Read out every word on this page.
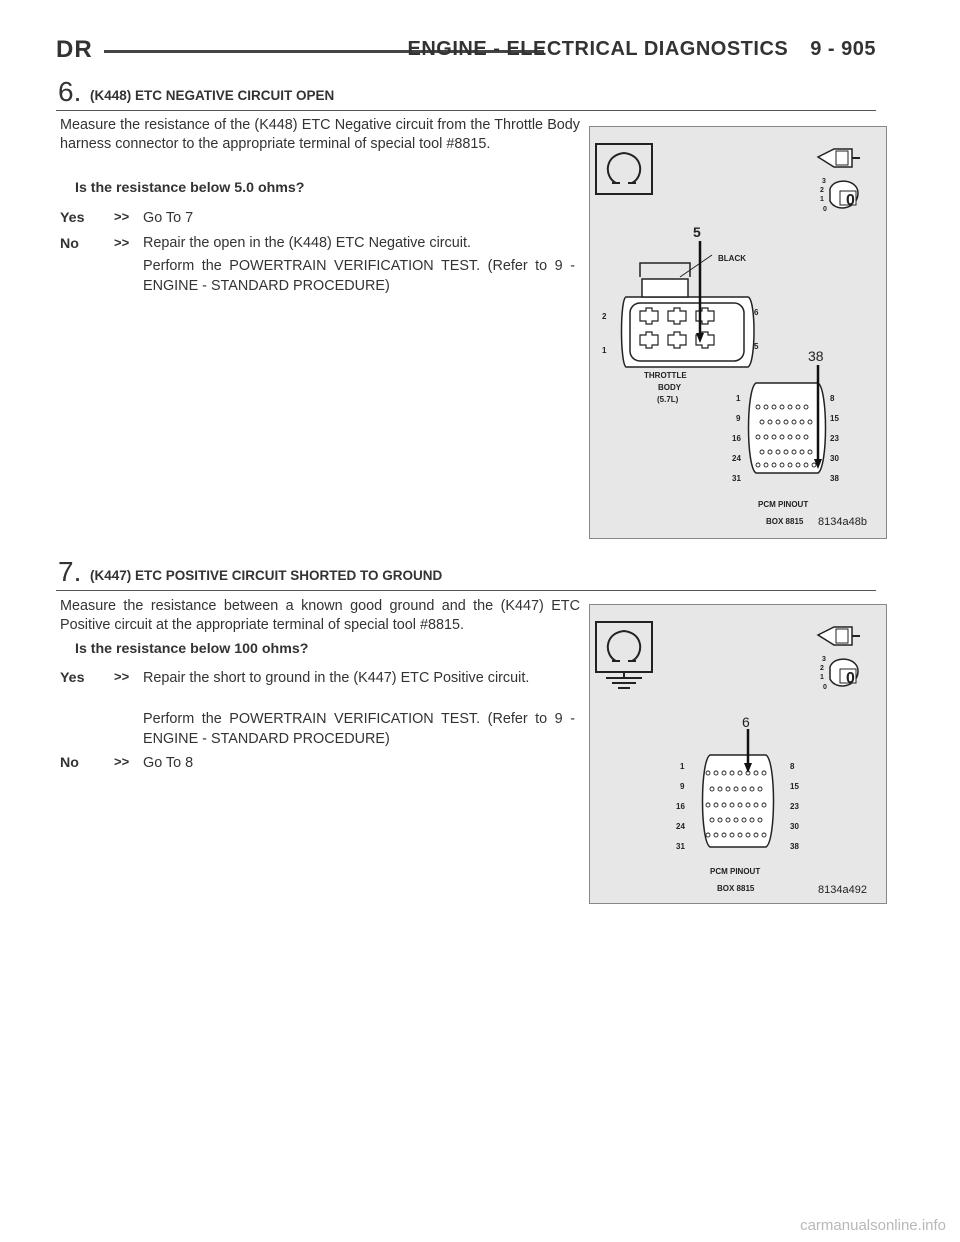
DR	ENGINE - ELECTRICAL DIAGNOSTICS 9 - 905
6. (K448) ETC NEGATIVE CIRCUIT OPEN
Measure the resistance of the (K448) ETC Negative circuit from the Throttle Body harness connector to the appropriate terminal of special tool #8815.
Is the resistance below 5.0 ohms?
Yes >> Go To 7
No	>> Repair the open in the (K448) ETC Negative circuit.
Perform the POWERTRAIN VERIFICATION TEST. (Refer to 9 - ENGINE - STANDARD PROCEDURE)
0
3
2
1
0
2
1
6
5
BLACK
THROTTLE
BODY
(5.7L)
5
1
9
16
24
31
8
15
23
30
38
38
PCM PINOUT
BOX 8815 8134a48b
7. (K447) ETC POSITIVE CIRCUIT SHORTED TO GROUND
Measure the resistance between a known good ground and the (K447) ETC Positive circuit at the appropriate terminal of special tool #8815.
Is the resistance below 100 ohms?
Yes >> Repair the short to ground in the (K447) ETC Positive circuit.
Perform the POWERTRAIN VERIFICATION TEST. (Refer to 9 - ENGINE - STANDARD PROCEDURE)
No	>> Go To 8
0
3
2
1
0
1
9
16
24
31
8
15
23
30
38
6
PCM PINOUT
BOX 8815	8134a492
carmanualsonline.info
